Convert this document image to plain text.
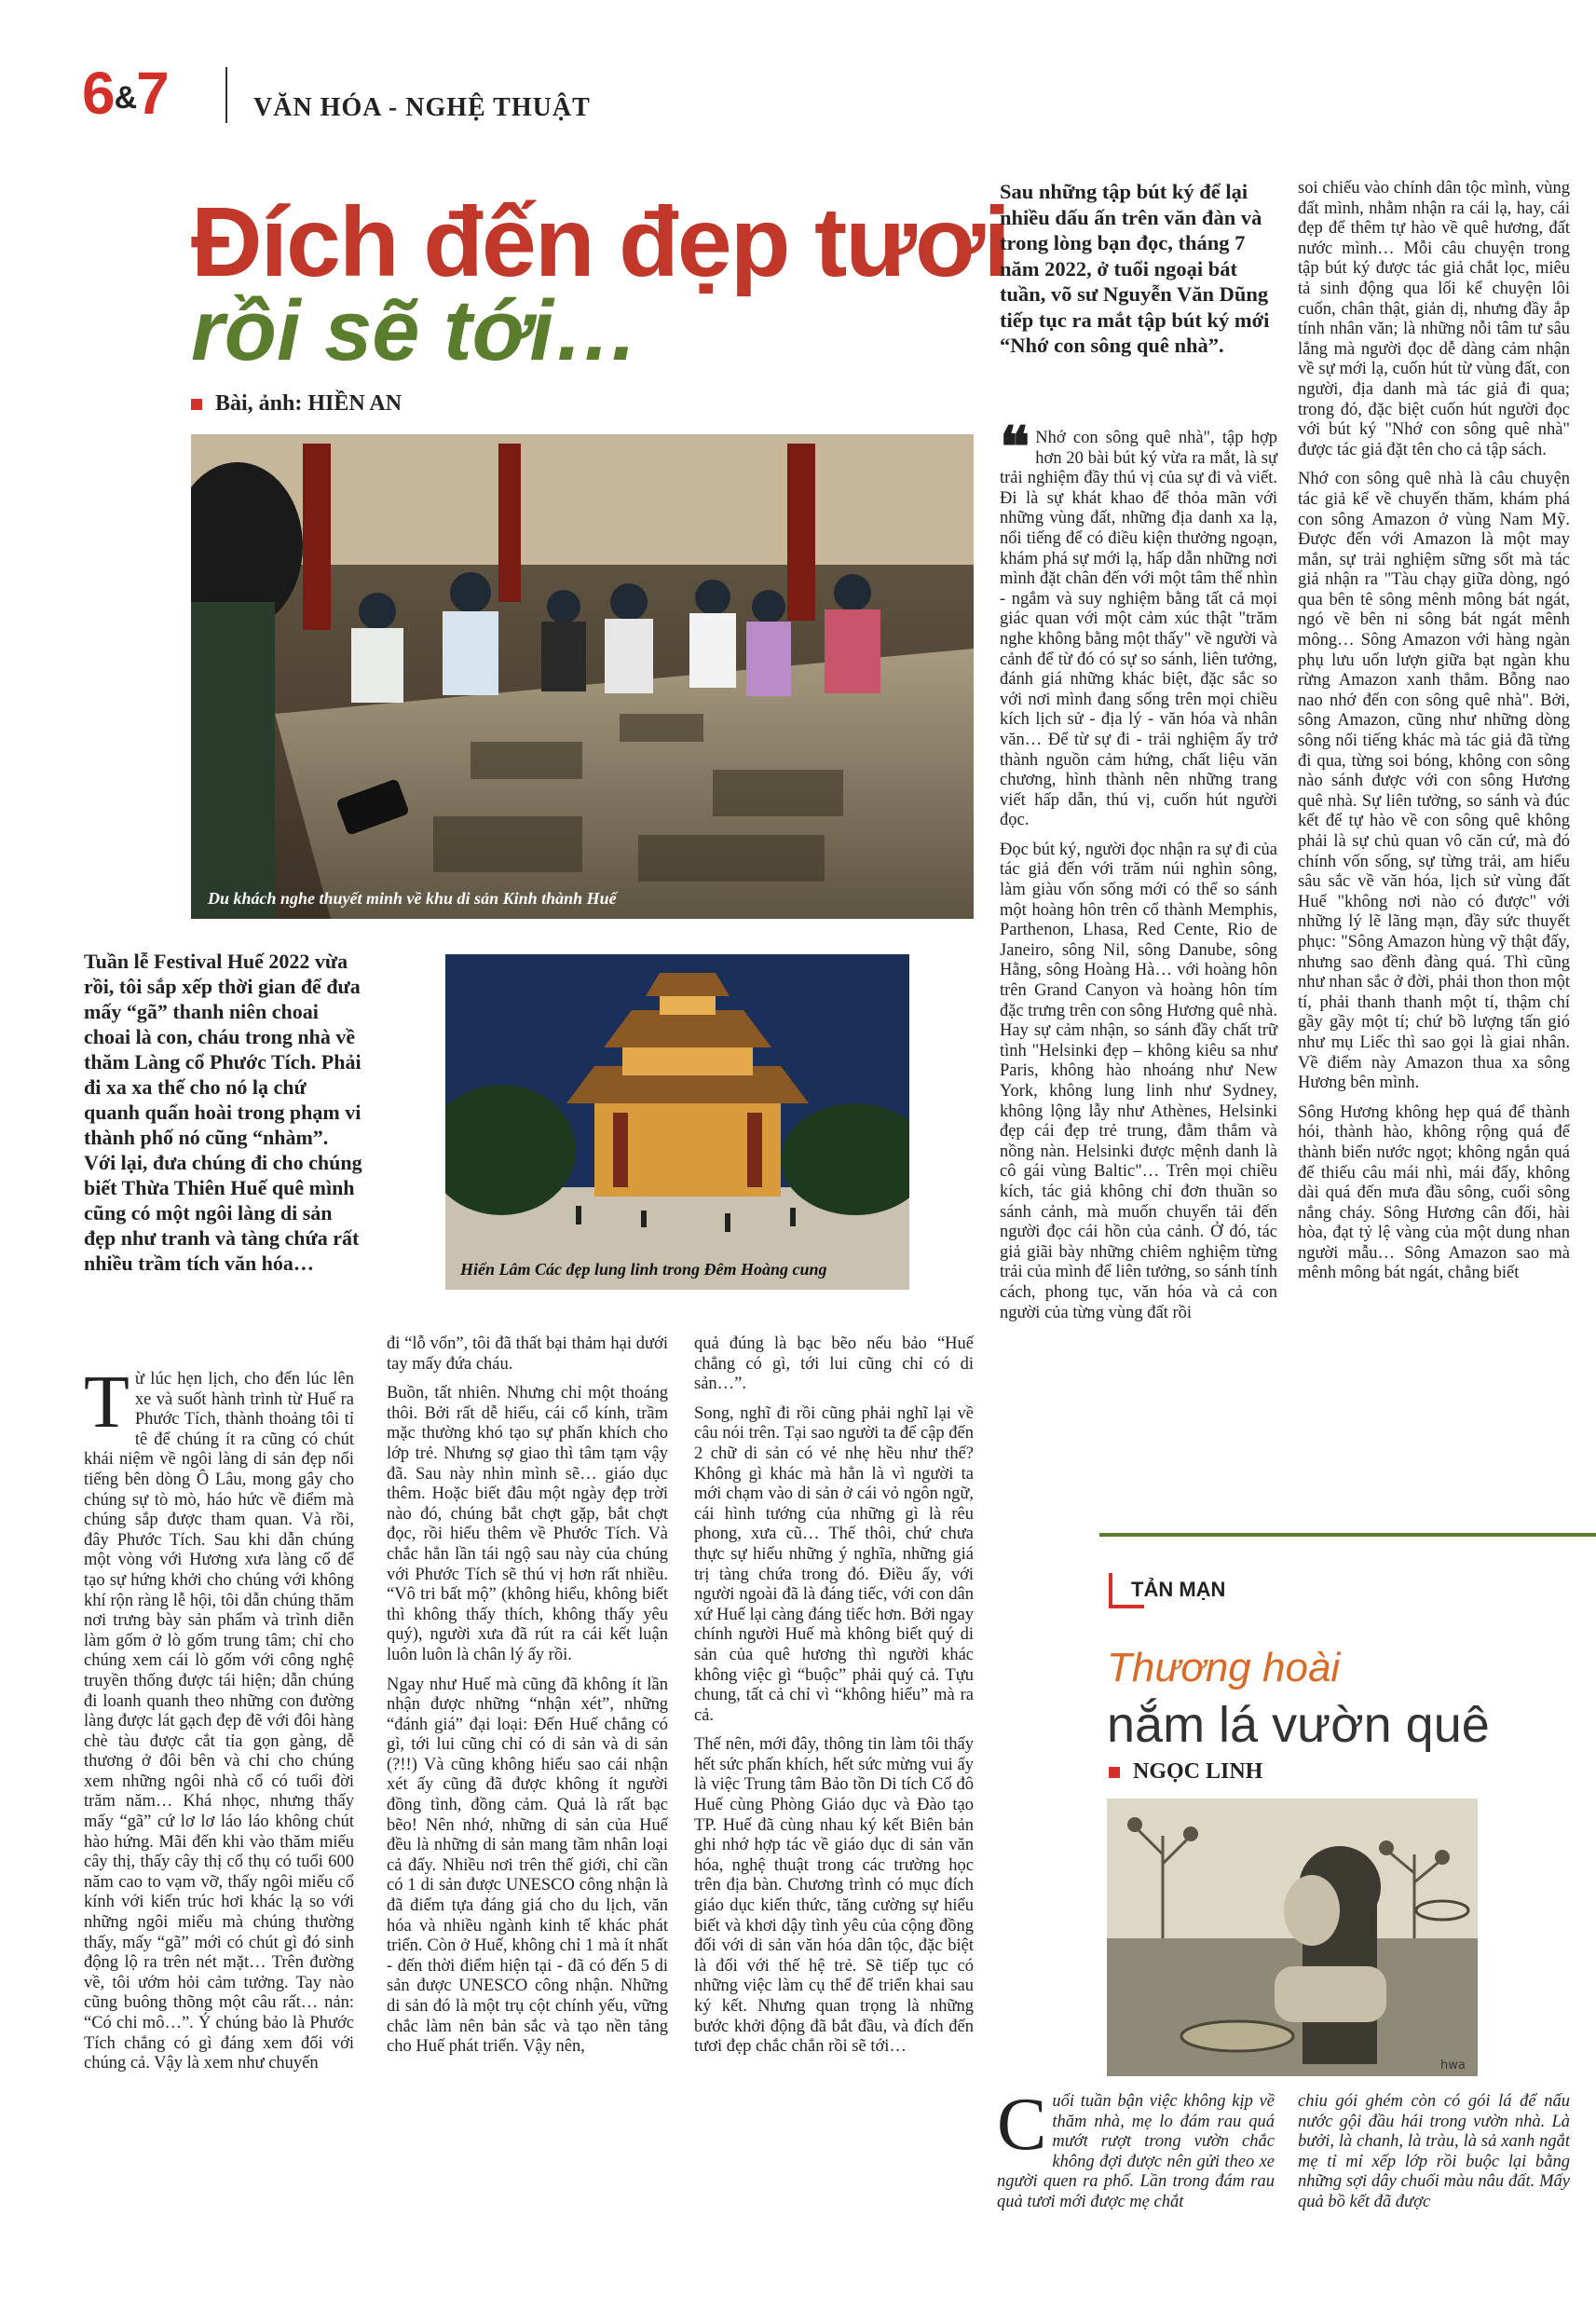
6&7	VĂN HÓA - NGHỆ THUẬT
Đích đến đẹp tươi
rồi sẽ tới…
Bài, ảnh: HIỀN AN
Du khách nghe thuyết minh về khu di sản Kinh thành Huế
Tuần lễ Festival Huế 2022 vừa rồi, tôi sắp xếp thời gian để đưa mấy “gã” thanh niên choai choai là con, cháu trong nhà về thăm Làng cổ Phước Tích. Phải đi xa xa thế cho nó lạ chứ quanh quẩn hoài trong phạm vi thành phố nó cũng “nhàm”. Với lại, đưa chúng đi cho chúng biết Thừa Thiên Huế quê mình cũng có một ngôi làng di sản đẹp như tranh và tàng chứa rất nhiều trầm tích văn hóa…	Hiển Lâm Các đẹp lung linh trong Đêm Hoàng cung

Từ lúc hẹn lịch, cho đến lúc lên xe và suốt hành trình từ Huế ra Phước Tích, thành thoảng tôi tỉ tê để chúng ít ra cũng có chút khái niệm về ngôi làng di sản đẹp nổi tiếng bên dòng Ô Lâu, mong gây cho chúng sự tò mò, háo hức về điểm mà chúng sắp được tham quan. Và rồi, đây Phước Tích. Sau khi dẫn chúng một vòng với Hương xưa làng cổ để tạo sự hứng khởi cho chúng với không khí rộn ràng lễ hội, tôi dẫn chúng thăm nơi trưng bày sản phẩm và trình diễn làm gốm ở lò gốm trung tâm; chỉ cho chúng xem cái lò gốm với công nghệ truyền thống được tái hiện; dẫn chúng đi loanh quanh theo những con đường làng được lát gạch đẹp đẽ với đôi hàng chè tàu được cắt tỉa gọn gàng, dễ thương ở đôi bên và chỉ cho chúng xem những ngôi nhà cổ có tuổi đời trăm năm… Khá nhọc, nhưng thấy mấy “gã” cứ lơ lơ láo láo không chút hào hứng. Mãi đến khi vào thăm miếu cây thị, thấy cây thị cổ thụ có tuổi 600 năm cao to vạm vỡ, thấy ngôi miếu cổ kính với kiến trúc hơi khác lạ so với những ngôi miếu mà chúng thường thấy, mấy “gã” mới có chút gì đó sinh động lộ ra trên nét mặt… Trên đường về, tôi ướm hỏi cảm tưởng. Tay nào cũng buông thõng một câu rất… nản: “Có chi mô…”. Ý chúng bảo là Phước Tích chẳng có gì đáng xem đối với chúng cả. Vậy là xem như chuyến

đi “lỗ vốn”, tôi đã thất bại thảm hại dưới tay mấy đứa cháu.

Buồn, tất nhiên. Nhưng chỉ một thoáng thôi. Bởi rất dễ hiểu, cái cổ kính, trầm mặc thường khó tạo sự phấn khích cho lớp trẻ. Nhưng sợ giao thì tâm tạm vậy đã. Sau này nhìn mình sẽ… giáo dục thêm. Hoặc biết đâu một ngày đẹp trời nào đó, chúng bắt chợt gặp, bắt chợt đọc, rồi hiểu thêm về Phước Tích. Và chắc hẳn lần tái ngộ sau này của chúng với Phước Tích sẽ thú vị hơn rất nhiều. “Vô tri bất mộ” (không hiểu, không biết thì không thấy thích, không thấy yêu quý), người xưa đã rút ra cái kết luận luôn luôn là chân lý ấy rồi.

Ngay như Huế mà cũng đã không ít lần nhận được những “nhận xét”, những “đánh giá” đại loại: Đến Huế chẳng có gì, tới lui cũng chỉ có di sản và di sản (?!!) Và cũng không hiểu sao cái nhận xét ấy cũng đã được không ít người đồng tình, đồng cảm. Quả là rất bạc bẽo! Nên nhớ, những di sản của Huế đều là những di sản mang tầm nhân loại cả đấy. Nhiều nơi trên thế giới, chỉ cần có 1 di sản được UNESCO công nhận là đã điểm tựa đáng giá cho du lịch, văn hóa và nhiều ngành kinh tế khác phát triển. Còn ở Huế, không chỉ 1 mà ít nhất - đến thời điểm hiện tại - đã có đến 5 di sản được UNESCO công nhận. Những di sản đó là một trụ cột chính yếu, vững chắc làm nên bản sắc và tạo nền tảng cho Huế phát triển. Vậy nên,

quả đúng là bạc bẽo nếu bảo “Huế chẳng có gì, tới lui cũng chỉ có di sản…”.

Song, nghĩ đi rồi cũng phải nghĩ lại về câu nói trên. Tại sao người ta để cập đến 2 chữ di sản có vẻ nhẹ hều như thế? Không gì khác mà hẳn là vì người ta mới chạm vào di sản ở cái vỏ ngôn ngữ, cái hình tướng của những gì là rêu phong, xưa cũ… Thế thôi, chứ chưa thực sự hiểu những ý nghĩa, những giá trị tàng chứa trong đó. Điều ấy, với người ngoài đã là đáng tiếc, với con dân xứ Huế lại càng đáng tiếc hơn. Bởi ngay chính người Huế mà không biết quý di sản của quê hương thì người khác không việc gì “buộc” phải quý cả. Tựu chung, tất cả chỉ vì “không hiểu” mà ra cả.

Thế nên, mới đây, thông tin làm tôi thấy hết sức phấn khích, hết sức mừng vui ấy là việc Trung tâm Bảo tồn Di tích Cố đô Huế cùng Phòng Giáo dục và Đào tạo TP. Huế đã cùng nhau ký kết Biên bản ghi nhớ hợp tác về giáo dục di sản văn hóa, nghệ thuật trong các trường học trên địa bàn. Chương trình có mục đích giáo dục kiến thức, tăng cường sự hiểu biết và khơi dậy tình yêu của cộng đồng đối với di sản văn hóa dân tộc, đặc biệt là đối với thế hệ trẻ. Sẽ tiếp tục có những việc làm cụ thể để triển khai sau ký kết. Nhưng quan trọng là những bước khởi động đã bắt đầu, và đích đến tươi đẹp chắc chắn rồi sẽ tới…

Sau những tập bút ký để lại nhiều dấu ấn trên văn đàn và trong lòng bạn đọc, tháng 7 năm 2022, ở tuổi ngoại bát tuần, võ sư Nguyễn Văn Dũng tiếp tục ra mắt tập bút ký mới “Nhớ con sông quê nhà”.

❝ Nhớ con sông quê nhà", tập hợp hơn 20 bài bút ký vừa ra mắt, là sự trải nghiệm đầy thú vị của sự đi và viết. Đi là sự khát khao để thỏa mãn với những vùng đất, những địa danh xa lạ, nổi tiếng để có điều kiện thưởng ngoạn, khám phá sự mới lạ, hấp dẫn những nơi mình đặt chân đến với một tâm thế nhìn - ngắm và suy nghiệm bằng tất cả mọi giác quan với một cảm xúc thật "trăm nghe không bằng một thấy" về người và cảnh để từ đó có sự so sánh, liên tưởng, đánh giá những khác biệt, đặc sắc so với nơi mình đang sống trên mọi chiều kích lịch sử - địa lý - văn hóa và nhân văn… Để từ sự đi - trải nghiệm ấy trở thành nguồn cảm hứng, chất liệu văn chương, hình thành nên những trang viết hấp dẫn, thú vị, cuốn hút người đọc.

Đọc bút ký, người đọc nhận ra sự đi của tác giả đến với trăm núi nghìn sông, làm giàu vốn sống mới có thể so sánh một hoàng hôn trên cổ thành Memphis, Parthenon, Lhasa, Red Cente, Rio de Janeiro, sông Nil, sông Danube, sông Hằng, sông Hoàng Hà… với hoàng hôn trên Grand Canyon và hoàng hôn tím đặc trưng trên con sông Hương quê nhà. Hay sự cảm nhận, so sánh đầy chất trữ tình "Helsinki đẹp – không kiêu sa như Paris, không hào nhoáng như New York, không lung linh như Sydney, không lộng lẫy như Athènes, Helsinki đẹp cái đẹp trẻ trung, đằm thắm và nồng nàn. Helsinki được mệnh danh là cô gái vùng Baltic"… Trên mọi chiều kích, tác giả không chỉ đơn thuần so sánh cảnh, mà muốn chuyển tải đến người đọc cái hồn của cảnh. Ở đó, tác giả giãi bày những chiêm nghiệm từng trải của mình để liên tưởng, so sánh tính cách, phong tục, văn hóa và cả con người của từng vùng đất rồi

soi chiếu vào chính dân tộc mình, vùng đất mình, nhằm nhận ra cái lạ, hay, cái đẹp để thêm tự hào về quê hương, đất nước mình… Mỗi câu chuyện trong tập bút ký được tác giả chắt lọc, miêu tả sinh động qua lối kể chuyện lôi cuốn, chân thật, giản dị, nhưng đầy ắp tính nhân văn; là những nỗi tâm tư sâu lắng mà người đọc dễ dàng cảm nhận về sự mới lạ, cuốn hút từ vùng đất, con người, địa danh mà tác giả đi qua; trong đó, đặc biệt cuốn hút người đọc với bút ký "Nhớ con sông quê nhà" được tác giả đặt tên cho cả tập sách.

Nhớ con sông quê nhà là câu chuyện tác giả kể về chuyến thăm, khám phá con sông Amazon ở vùng Nam Mỹ. Được đến với Amazon là một may mắn, sự trải nghiệm sững sốt mà tác giả nhận ra "Tàu chạy giữa dòng, ngó qua bên tê sông mênh mông bát ngát, ngó về bên ni sông bát ngát mênh mông… Sông Amazon với hàng ngàn phụ lưu uốn lượn giữa bạt ngàn khu rừng Amazon xanh thẳm. Bỗng nao nao nhớ đến con sông quê nhà". Bởi, sông Amazon, cũng như những dòng sông nổi tiếng khác mà tác giả đã từng đi qua, từng soi bóng, không con sông nào sánh được với con sông Hương quê nhà. Sự liên tưởng, so sánh và đúc kết để tự hào về con sông quê không phải là sự chủ quan vô căn cứ, mà đó chính vốn sống, sự từng trải, am hiểu sâu sắc về văn hóa, lịch sử vùng đất Huế "không nơi nào có được" với những lý lẽ lãng mạn, đầy sức thuyết phục: "Sông Amazon hùng vỹ thật đấy, nhưng sao đềnh đàng quá. Thì cũng như nhan sắc ở đời, phải thon thon một tí, phải thanh thanh một tí, thậm chí gầy gầy một tí; chứ bồ lượng tấn gió như mụ Liếc thì sao gọi là giai nhân. Về điểm này Amazon thua xa sông Hương bên mình.

Sông Hương không hẹp quá để thành hói, thành hào, không rộng quá để thành biển nước ngọt; không ngắn quá để thiếu câu mái nhì, mái đẩy, không dài quá đến mưa đầu sông, cuối sông nắng cháy. Sông Hương cân đối, hài hòa, đạt tỷ lệ vàng của một dung nhan người mẫu… Sông Amazon sao mà mênh mông bát ngát, chẳng biết

TẢN MẠN
Thương hoài
nắm lá vườn quê
NGỌC LINH
hwa
Cuối tuần bận việc không kịp về thăm nhà, mẹ lo đám rau quá mướt rượt trong vườn chắc không đợi được nên gửi theo xe người quen ra phố. Lần trong đám rau quả tươi mới được mẹ chắt
chiu gói ghém còn có gói lá để nấu nước gội đầu hái trong vườn nhà. Là bưởi, là chanh, là tràu, là sả xanh ngắt mẹ tỉ mỉ xếp lớp rồi buộc lại bằng những sợi dây chuối màu nâu đất. Mấy quả bồ kết đã được
